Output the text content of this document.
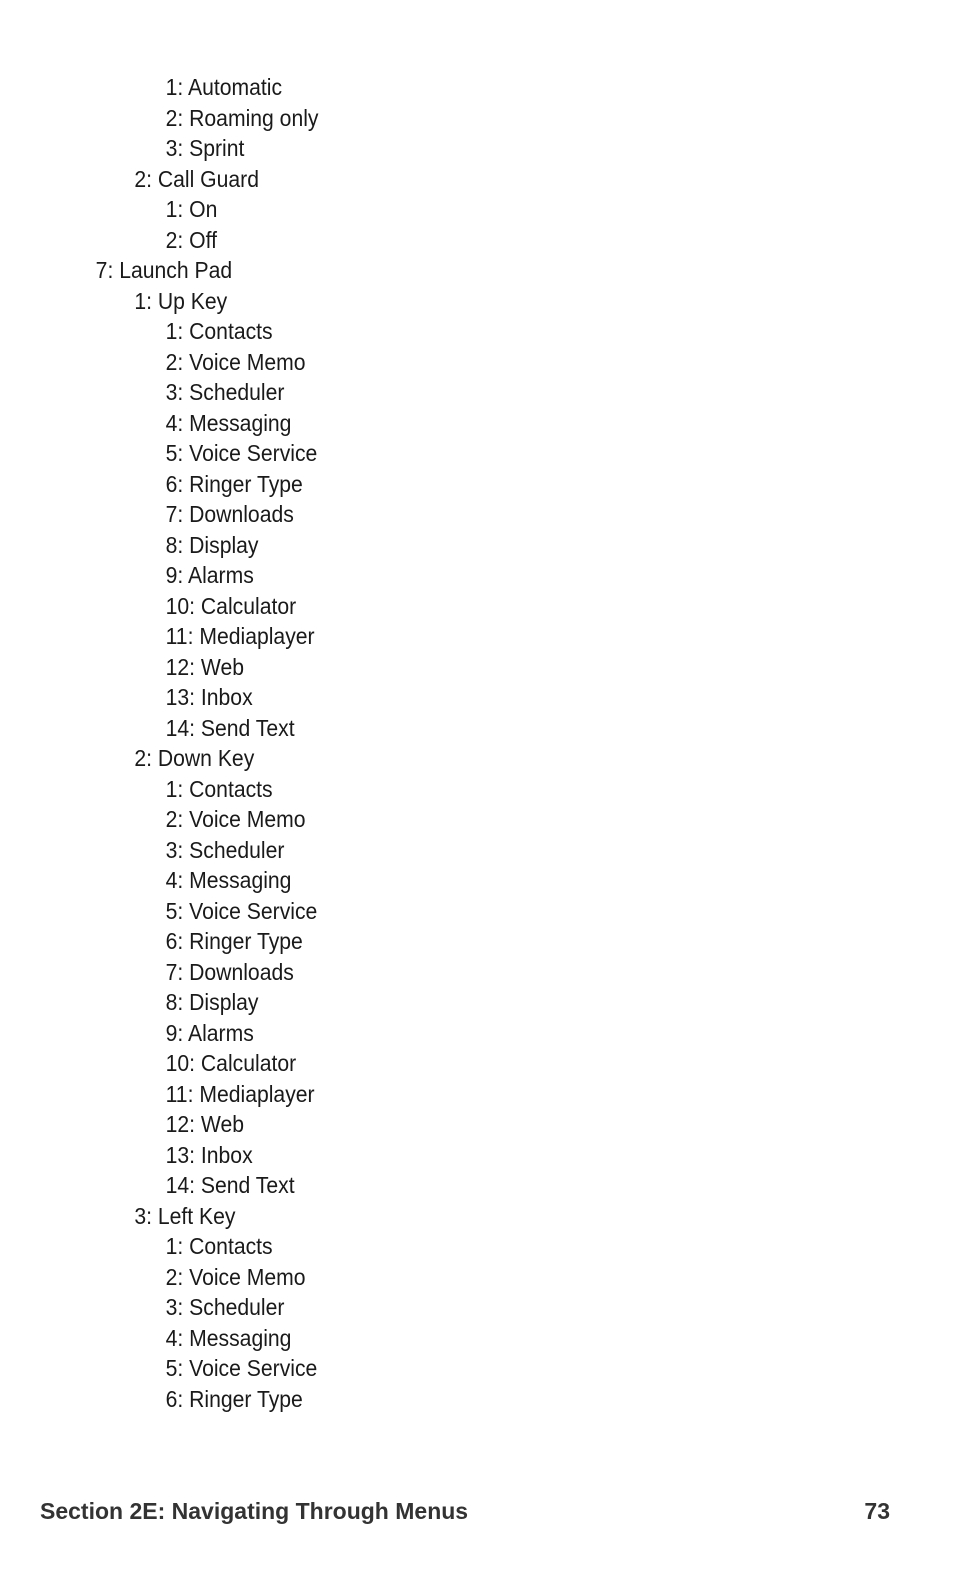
1: Automatic
2: Roaming only
3: Sprint
2: Call Guard
1: On
2: Off
7: Launch Pad
1: Up Key
1: Contacts
2: Voice Memo
3: Scheduler
4: Messaging
5: Voice Service
6: Ringer Type
7: Downloads
8: Display
9: Alarms
10: Calculator
11: Mediaplayer
12: Web
13: Inbox
14: Send Text
2: Down Key
1: Contacts
2: Voice Memo
3: Scheduler
4: Messaging
5: Voice Service
6: Ringer Type
7: Downloads
8: Display
9: Alarms
10: Calculator
11: Mediaplayer
12: Web
13: Inbox
14: Send Text
3: Left Key
1: Contacts
2: Voice Memo
3: Scheduler
4: Messaging
5: Voice Service
6: Ringer Type
Section 2E: Navigating Through Menus	73
